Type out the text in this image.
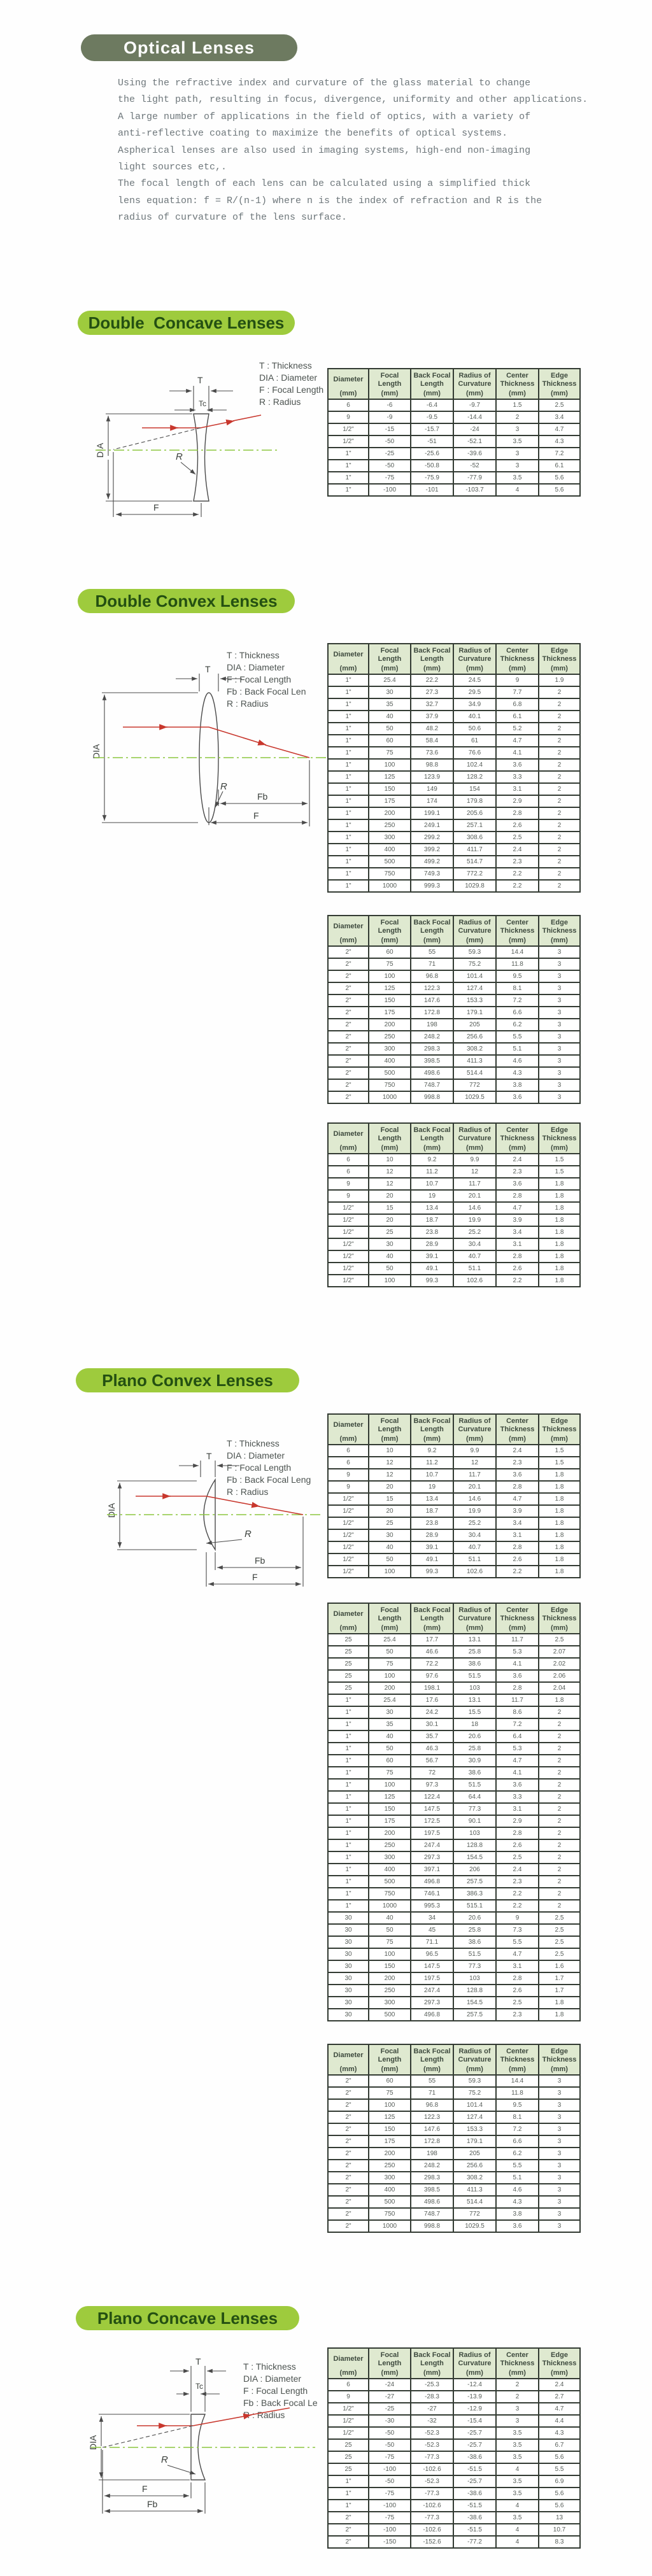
Optical Lenses
Using the refractive index and curvature of the glass material to change
the light path, resulting in focus, divergence, uniformity and other applications.
A large number of applications in the field of optics, with a variety of
anti-reflective coating to maximize the benefits of optical systems.
Aspherical lenses are also used in imaging systems, high-end non-imaging
light sources etc,.
The focal length of each lens can be calculated using a simplified thick
lens equation: f = R/(n-1) where n is the index of refraction and R is the
radius of curvature of the lens surface.
Double  Concave Lenses
T : Thickness
DIA : Diameter
F : Focal Length
R : Radius
T
Tc
DIA	R
F
Diameter
(mm)

Focal Length
(mm)

Back Focal Length
(mm)

Radius of Curvature
(mm)

Center Thickness
(mm)

Edge Thickness
(mm)

6	-6	-6.4	-9.7	1.5	2.5
9	-9	-9.5	-14.4	2	3.4
1/2"	-15	-15.7	-24	3	4.7
1/2"	-50	-51	-52.1	3.5	4.3
1"	-25	-25.6	-39.6	3	7.2
1"	-50	-50.8	-52	3	6.1
1"	-75	-75.9	-77.9	3.5	5.6
1"	-100	-101	-103.7	4	5.6
Double Convex Lenses
T : Thickness
DIA : Diameter
F : Focal Length
Fb : Back Focal Len
R : Radius
T
DIA
R
Fb
F
Diameter
(mm)

Focal Length
(mm)

Back Focal Length
(mm)

Radius of Curvature
(mm)

Center Thickness
(mm)

Edge Thickness
(mm)

1"	25.4	22.2	24.5	9	1.9
1"	30	27.3	29.5	7.7	2
1"	35	32.7	34.9	6.8	2
1"	40	37.9	40.1	6.1	2
1"	50	48.2	50.6	5.2	2
1"	60	58.4	61	4.7	2
1"	75	73.6	76.6	4.1	2
1"	100	98.8	102.4	3.6	2
1"	125	123.9	128.2	3.3	2
1"	150	149	154	3.1	2
1"	175	174	179.8	2.9	2
1"	200	199.1	205.6	2.8	2
1"	250	249.1	257.1	2.6	2
1"	300	299.2	308.6	2.5	2
1"	400	399.2	411.7	2.4	2
1"	500	499.2	514.7	2.3	2
1"	750	749.3	772.2	2.2	2
1"	1000	999.3	1029.8	2.2	2
Diameter
(mm)

Focal Length
(mm)

Back Focal Length
(mm)

Radius of Curvature
(mm)

Center Thickness
(mm)

Edge Thickness
(mm)

2"	60	55	59.3	14.4	3
2"	75	71	75.2	11.8	3
2"	100	96.8	101.4	9.5	3
2"	125	122.3	127.4	8.1	3
2"	150	147.6	153.3	7.2	3
2"	175	172.8	179.1	6.6	3
2"	200	198	205	6.2	3
2"	250	248.2	256.6	5.5	3
2"	300	298.3	308.2	5.1	3
2"	400	398.5	411.3	4.6	3
2"	500	498.6	514.4	4.3	3
2"	750	748.7	772	3.8	3
2"	1000	998.8	1029.5	3.6	3
Diameter
(mm)

Focal Length
(mm)

Back Focal Length
(mm)

Radius of Curvature
(mm)

Center Thickness
(mm)

Edge Thickness
(mm)

6	10	9.2	9.9	2.4	1.5
6	12	11.2	12	2.3	1.5
9	12	10.7	11.7	3.6	1.8
9	20	19	20.1	2.8	1.8
1/2"	15	13.4	14.6	4.7	1.8
1/2"	20	18.7	19.9	3.9	1.8
1/2"	25	23.8	25.2	3.4	1.8
1/2"	30	28.9	30.4	3.1	1.8
1/2"	40	39.1	40.7	2.8	1.8
1/2"	50	49.1	51.1	2.6	1.8
1/2"	100	99.3	102.6	2.2	1.8
Plano Convex Lenses
T : Thickness
DIA : Diameter
F : Focal Length
Fb : Back Focal Leng
R : Radius
T
DIA
R
Fb
F
Diameter
(mm)

Focal Length
(mm)

Back Focal Length
(mm)

Radius of Curvature
(mm)

Center Thickness
(mm)

Edge Thickness
(mm)

6	10	9.2	9.9	2.4	1.5
6	12	11.2	12	2.3	1.5
9	12	10.7	11.7	3.6	1.8
9	20	19	20.1	2.8	1.8
1/2"	15	13.4	14.6	4.7	1.8
1/2"	20	18.7	19.9	3.9	1.8
1/2"	25	23.8	25.2	3.4	1.8
1/2"	30	28.9	30.4	3.1	1.8
1/2"	40	39.1	40.7	2.8	1.8
1/2"	50	49.1	51.1	2.6	1.8
1/2"	100	99.3	102.6	2.2	1.8
Diameter
(mm)

Focal Length
(mm)

Back Focal Length
(mm)

Radius of Curvature
(mm)

Center Thickness
(mm)

Edge Thickness
(mm)

25	25.4	17.7	13.1	11.7	2.5
25	50	46.6	25.8	5.3	2.07
25	75	72.2	38.6	4.1	2.02
25	100	97.6	51.5	3.6	2.06
25	200	198.1	103	2.8	2.04
1"	25.4	17.6	13.1	11.7	1.8
1"	30	24.2	15.5	8.6	2
1"	35	30.1	18	7.2	2
1"	40	35.7	20.6	6.4	2
1"	50	46.3	25.8	5.3	2
1"	60	56.7	30.9	4.7	2
1"	75	72	38.6	4.1	2
1"	100	97.3	51.5	3.6	2
1"	125	122.4	64.4	3.3	2
1"	150	147.5	77.3	3.1	2
1"	175	172.5	90.1	2.9	2
1"	200	197.5	103	2.8	2
1"	250	247.4	128.8	2.6	2
1"	300	297.3	154.5	2.5	2
1"	400	397.1	206	2.4	2
1"	500	496.8	257.5	2.3	2
1"	750	746.1	386.3	2.2	2
1"	1000	995.3	515.1	2.2	2
30	40	34	20.6	9	2.5
30	50	45	25.8	7.3	2.5
30	75	71.1	38.6	5.5	2.5
30	100	96.5	51.5	4.7	2.5
30	150	147.5	77.3	3.1	1.6
30	200	197.5	103	2.8	1.7
30	250	247.4	128.8	2.6	1.7
30	300	297.3	154.5	2.5	1.8
30	500	496.8	257.5	2.3	1.8
Diameter
(mm)

Focal Length
(mm)

Back Focal Length
(mm)

Radius of Curvature
(mm)

Center Thickness
(mm)

Edge Thickness
(mm)

2"	60	55	59.3	14.4	3
2"	75	71	75.2	11.8	3
2"	100	96.8	101.4	9.5	3
2"	125	122.3	127.4	8.1	3
2"	150	147.6	153.3	7.2	3
2"	175	172.8	179.1	6.6	3
2"	200	198	205	6.2	3
2"	250	248.2	256.6	5.5	3
2"	300	298.3	308.2	5.1	3
2"	400	398.5	411.3	4.6	3
2"	500	498.6	514.4	4.3	3
2"	750	748.7	772	3.8	3
2"	1000	998.8	1029.5	3.6	3
Plano Concave Lenses
T : Thickness
DIA : Diameter
F : Focal Length
Fb : Back Focal Le
R : Radius
T
Tc
DIA
R
F
Fb
Diameter
(mm)

Focal Length
(mm)

Back Focal Length
(mm)

Radius of Curvature
(mm)

Center Thickness
(mm)

Edge Thickness
(mm)

6	-24	-25.3	-12.4	2	2.4
9	-27	-28.3	-13.9	2	2.7
1/2"	-25	-27	-12.9	3	4.7
1/2"	-30	-32	-15.4	3	4.4
1/2"	-50	-52.3	-25.7	3.5	4.3
25	-50	-52.3	-25.7	3.5	6.7
25	-75	-77.3	-38.6	3.5	5.6
25	-100	-102.6	-51.5	4	5.5
1"	-50	-52.3	-25.7	3.5	6.9
1"	-75	-77.3	-38.6	3.5	5.6
1"	-100	-102.6	-51.5	4	5.6
2"	-75	-77.3	-38.6	3.5	13
2"	-100	-102.6	-51.5	4	10.7
2"	-150	-152.6	-77.2	4	8.3
